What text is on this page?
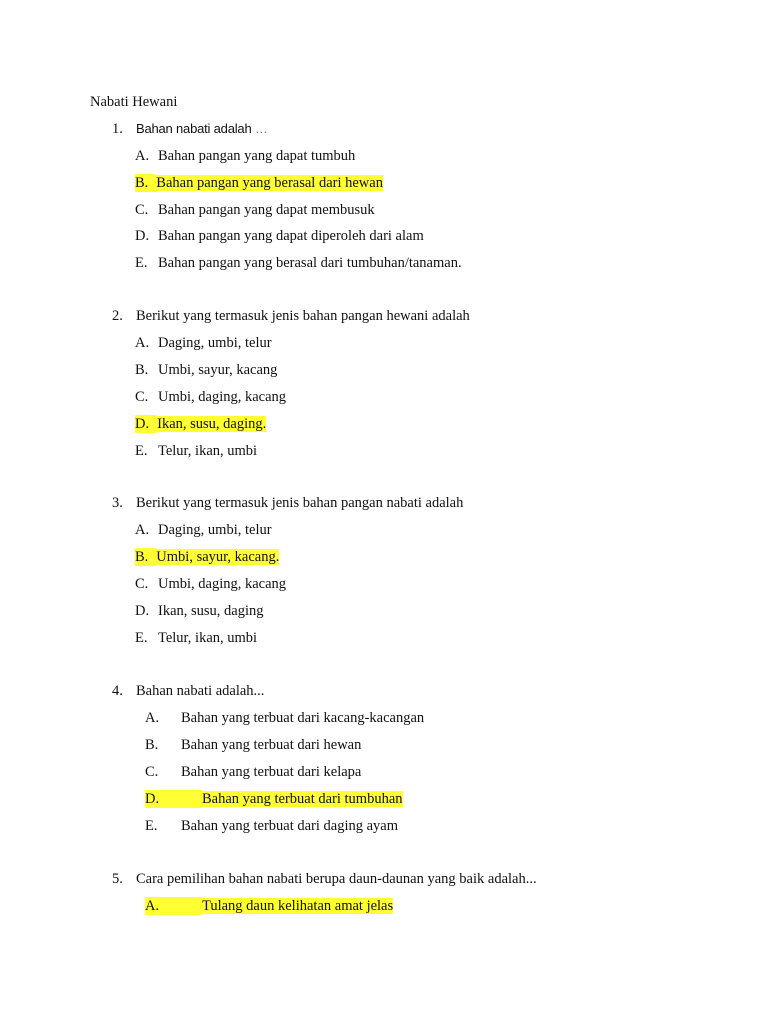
Nabati Hewani
1. Bahan nabati adalah …
A. Bahan pangan yang dapat tumbuh
B. Bahan pangan yang berasal dari hewan
C. Bahan pangan yang dapat membusuk
D. Bahan pangan yang dapat diperoleh dari alam
E. Bahan pangan yang berasal dari tumbuhan/tanaman.
2. Berikut yang termasuk jenis bahan pangan hewani adalah
A. Daging, umbi, telur
B. Umbi, sayur, kacang
C. Umbi, daging, kacang
D. Ikan, susu, daging.
E. Telur, ikan, umbi
3. Berikut yang termasuk jenis bahan pangan nabati adalah
A. Daging, umbi, telur
B. Umbi, sayur, kacang.
C. Umbi, daging, kacang
D. Ikan, susu, daging
E. Telur, ikan, umbi
4. Bahan nabati adalah...
A. Bahan yang terbuat dari kacang-kacangan
B. Bahan yang terbuat dari hewan
C. Bahan yang terbuat dari kelapa
D.	Bahan yang terbuat dari tumbuhan
E. Bahan yang terbuat dari daging ayam
5. Cara pemilihan bahan nabati berupa daun-daunan yang baik adalah...
A.	Tulang daun kelihatan amat jelas
